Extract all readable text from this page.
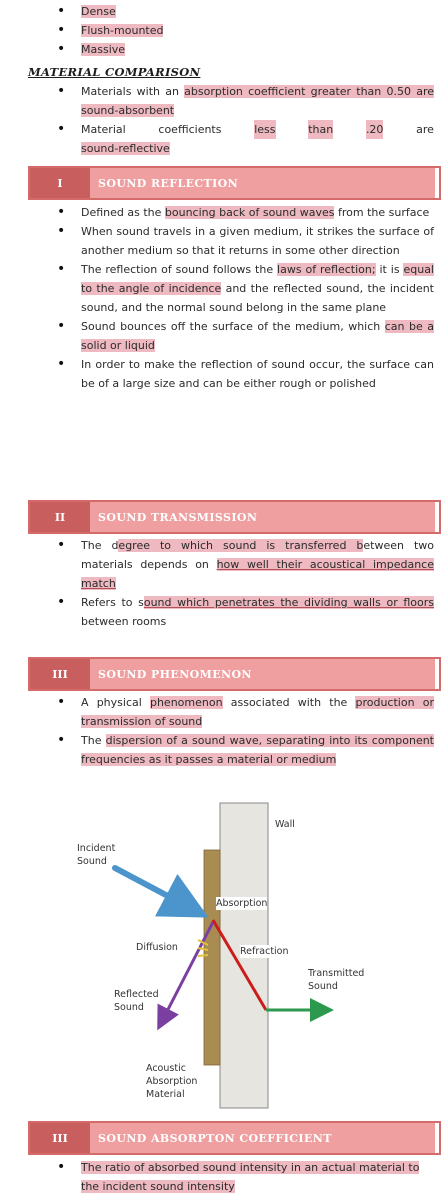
• Dense
• Flush-mounted
• Massive
MATERIAL COMPARISON
• Materials with an absorption coefficient greater than 0.50 are sound-absorbent
• Material	coefficients	less	than	.20	are
sound-reflective
I	SOUND REFLECTION
• Defined as the bouncing back of sound waves from the surface
• When sound travels in a given medium, it strikes the surface of another medium so that it returns in some other direction
• The reflection of sound follows the laws of reflection; it is equal to the angle of incidence and the reflected sound, the incident sound, and the normal sound belong in the same plane
• Sound bounces off the surface of the medium, which can be a solid or liquid
• In order to make the reflection of sound occur, the surface can be of a large size and can be either rough or polished
II	SOUND TRANSMISSION
• The degree to which sound is transferred between two materials depends on how well their acoustical impedance match
• Refers to sound which penetrates the dividing walls or floors between rooms
III	SOUND PHENOMENON
• A physical phenomenon associated with the production or transmission of sound
• The dispersion of a sound wave, separating into its component frequencies as it passes a material or medium
Wall
Incident
Sound
Absorption
Diffusion	Refraction
Transmitted
Sound
Reflected
Sound
Acoustic
Absorption
Material
III	SOUND ABSORPTON COEFFICIENT
• The ratio of absorbed sound intensity in an actual material to the incident sound intensity
